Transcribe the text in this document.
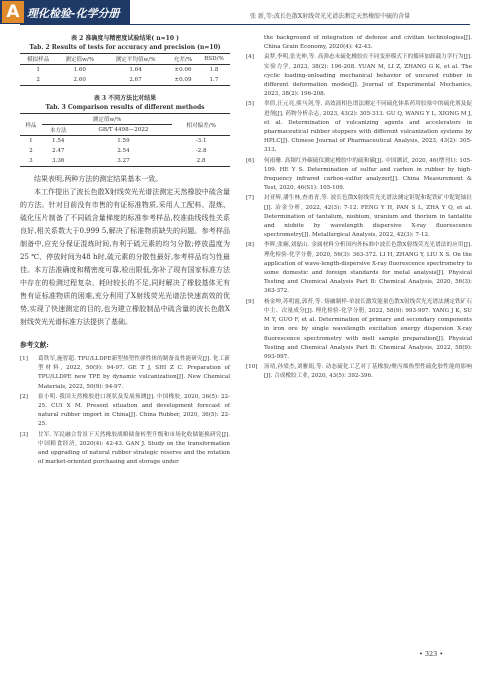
A 理化检验-化学分册	张 新,等:波长色散X射线荧光光谱法测定天然橡胶中硫的含量
表 2 准确度与精密度试验结果( n=10 )
Tab. 2 Results of tests for accuracy and precision (n=10)
模拟样品	测定值w/%	测定平均值w/%	允差/%	RSD/%
1	1.60	1.64	±0.06	1.8
2	2.60	2.67	±0.09	1.7
表 3 不同方法比对结果
Tab. 3 Comparison results of different methods
样品	测定值w/%		相对偏差/%
	本方法	GB/T 4498—2022	
1	1.54	1.59	-3.1
2	2.47	2.54	-2.8
3	3.36	3.27	2.8

结果表明,两种方法的测定结果基本一致。

本工作提出了波长色散X射线荧光光谱法测定天然橡胶中硫含量的方法。针对目前没有市售的有证标准物质,采用人工配料、混炼、硫化压片制备了不同硫含量梯度的标准参考样品,校准曲线线性关系良好,相关系数大于0.999 5,解决了标准物质缺失的问题。参考样品制备中,应充分保证混炼时间,有利于硫元素的均匀分散;停放温度为25 ℃、停放时间为48 h时,硫元素的分散性最好,参考样品均匀性最佳。本方法准确度和精密度可靠,检出限低,弥补了现有国家标准方法中存在的检测过程复杂、耗时较长的不足,同时解决了橡胶基体无有售有证标准物质的困难,充分利用了X射线荧光光谱法快速高效的优势,实现了快速测定的目的,也为建立橡胶制品中硫含量的波长色散X射线荧光光谱标准方法提供了基础。

参考文献:
[1] 葛铁军,施智超. TPU/LLDPE新型热塑性弹性体的制备及性能研究[J]. 化工新型材料, 2022, 50(9): 94-97. GE T J, SHI Z C. Preparation of TPU/LLDPE new TPE by dynamic vulcanization[J]. New Chemical Materials, 2022, 50(9): 94-97.

[2] 崔小明. 我国天然橡胶进口现状及发展预测[J]. 中国橡胶, 2020, 36(5): 22-25. CUI X M. Present situation and development forecast of natural rubber import in China[J]. China Rubber, 2020, 36(5): 22-25.

[3] 甘军. 军民融合背景下天然橡胶战略储备转型升级和市场化收储能换研究[J]. 中国粮食经济, 2020(4): 42-43. GAN J. Study on the transformation and upgrading of natural rubber strategic reserve and the rotation of market-oriented purchasing and storage under

the background of integration of defense and civilian technologies[J]. China Grain Economy, 2020(4): 42-43.

[4] 袁梦,李明,张光伸,等. 高弹态未硫化橡胶在不同变形模式下的循环加卸载力学行为[J]. 实验力学, 2023, 38(2): 196-208. YUAN M, LI Z, ZHANG G K, et al. The cyclic loading-unloading mechanical behavior of uncured rubber in different deformation modes[J]. Journal of Experimental Mechanics, 2023, 38(2): 196-208.

[5] 辜倩,汪元亮,熊马剑,等. 高效液相色谱法测定不同硫化体系药用胶塞中的硫化剂及促进剂[J]. 药物分析杂志, 2023, 43(2): 305-313. GU Q, WANG Y L, XIONG M J, et al. Determination of vulcanizing agents and accelerators in pharmaceutical rubber stoppers with different vulcanization systems by HPLC[J]. Chinese Journal of Pharmaceutical Analysis, 2023, 43(2): 305-313.

[6] 何雨珊. 高频红外碳硫仪测定橡胶中的硫和碳[J]. 中国测试, 2020, 46(增刊1): 105-109. HE Y S. Determination of sulfur and carbon in rubber by high-frequency infrared carbon-sulfur analyzer[J]. China Measurement & Test, 2020, 46(S1): 105-109.

[7] 封亚辉,潘生林,查甫青,等. 波长色散X射线荧光光谱法测定钽铌和铌铁矿中铌铌铀钍[J]. 冶金分析, 2022, 42(3): 7-12. FENG Y H, PAN S L, ZHA Y Q, et al. Determination of tantalum, niobium, uranium and thorium in tantalite and niobite by wavelength dispersive X-ray fluorescence spectrometry[J]. Metallurgical Analysis, 2022, 42(3): 7-12.

[8] 李晖,张娴,刘磊山. 金属材料分析国内外标准中波长色散X射线荧光光谱法的应用[J]. 理化检验-化学分册, 2020, 56(3): 363-372. LI H, ZHANG Y, LIU X S. On the application of wave-length-dispersive X-ray fluorescence spectrometry to some domestic and foreign standards for metal analysis[J]. Physical Testing and Chemical Analysis Part B: Chemical Analysis, 2020, 56(3): 363-372.

[9] 杨金坤,苏明霞,郭苔,等. 熔融制样-单波长激发能量色散X射线荧光光谱法测定铁矿石中主、次量成分[J]. 理化检验-化学分册, 2022, 58(9): 993-997. YANG J K, SU M Y, GUO F, et al. Determination of primary and secondary components in iron ore by single wavelength excitation energy dispersion X-ray fluorescence spectrometry with melt sample preparation[J]. Physical Testing and Chemical Analysis Part B: Chemical Analysis, 2022, 58(9): 993-997.

[10] 汤靖,孙梁杰,刘雅娟,等. 动态硫化工艺对丁基橡胶/聚丙烯热塑性硫化胶性能的影响[J]. 合成橡胶工业, 2020, 43(5): 392-396.

• 323 •
